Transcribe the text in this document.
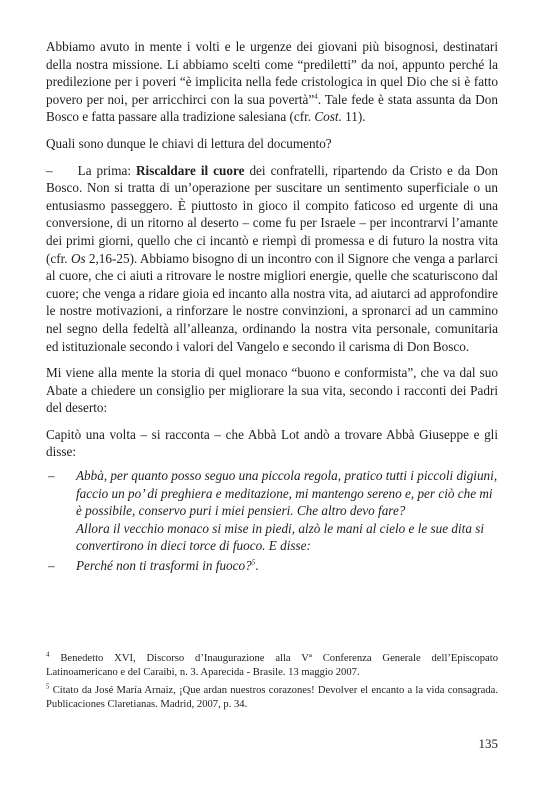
Abbiamo avuto in mente i volti e le urgenze dei giovani più bisognosi, destinatari della nostra missione. Li abbiamo scelti come “prediletti” da noi, appunto perché la predilezione per i poveri “è implicita nella fede cristologica in quel Dio che si è fatto povero per noi, per arricchirci con la sua povertà”$^4$. Tale fede è stata assunta da Don Bosco e fatta passare alla tradizione salesiana (cfr. Cost. 11).

Quali sono dunque le chiavi di lettura del documento?

– La prima: Riscaldare il cuore dei confratelli, ripartendo da Cristo e da Don Bosco. Non si tratta di un’operazione per suscitare un sentimento superficiale o un entusiasmo passeggero. È piuttosto in gioco il compito faticoso ed urgente di una conversione, di un ritorno al deserto – come fu per Israele – per incontrarvi l’amante dei primi giorni, quello che ci incantò e riempì di promessa e di futuro la nostra vita (cfr. Os 2,16-25). Abbiamo bisogno di un incontro con il Signore che venga a parlarci al cuore, che ci aiuti a ritrovare le nostre migliori energie, quelle che scaturiscono dal cuore; che venga a ridare gioia ed incanto alla nostra vita, ad aiutarci ad approfondire le nostre motivazioni, a rinforzare le nostre convinzioni, a spronarci ad un cammino nel segno della fedeltà all’alleanza, ordinando la nostra vita personale, comunitaria ed istituzionale secondo i valori del Vangelo e secondo il carisma di Don Bosco.

Mi viene alla mente la storia di quel monaco “buono e conformista”, che va dal suo Abate a chiedere un consiglio per migliorare la sua vita, secondo i racconti dei Padri del deserto:

Capitò una volta – si racconta – che Abbà Lot andò a trovare Abbà Giuseppe e gli disse:

– Abbà, per quanto posso seguo una piccola regola, pratico tutti i piccoli digiuni, faccio un po’ di preghiera e meditazione, mi mantengo sereno e, per ciò che mi è possibile, conservo puri i miei pensieri. Che altro devo fare?
Allora il vecchio monaco si mise in piedi, alzò le mani al cielo e le sue dita si convertirono in dieci torce di fuoco. E disse:
– Perché non ti trasformi in fuoco?$^5$.

$^4$ Benedetto XVI, Discorso d’Inaugurazione alla Vª Conferenza Generale dell’Episcopato Latinoamericano e del Caraibi, n. 3. Aparecida - Brasile. 13 maggio 2007.

$^5$ Citato da José María Arnaiz, ¡Que ardan nuestros corazones! Devolver el encanto a la vida consagrada. Publicaciones Claretianas. Madrid, 2007, p. 34.

135
